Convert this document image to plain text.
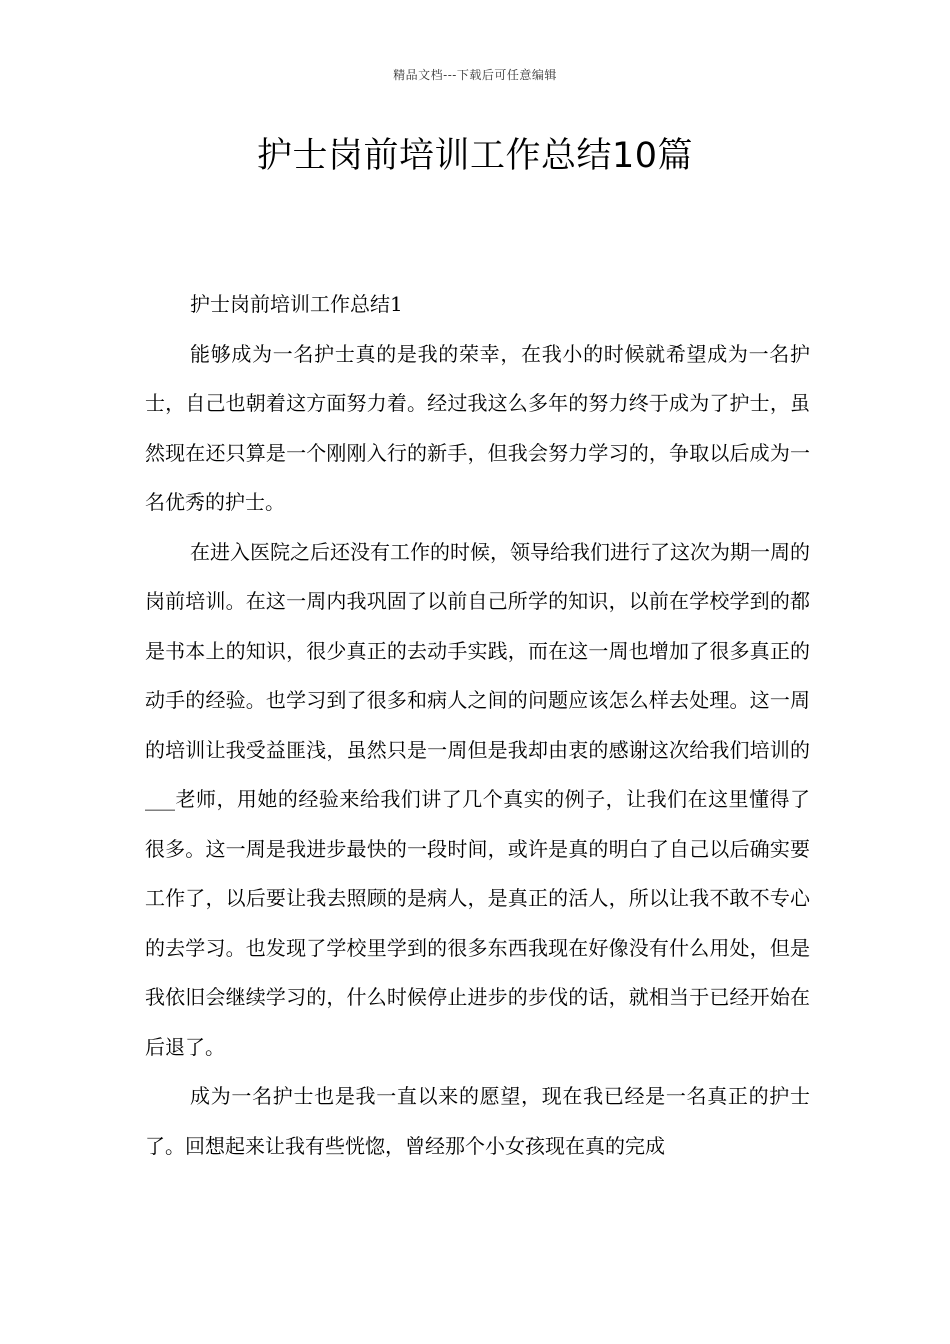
精品文档---下载后可任意编辑
护士岗前培训工作总结10篇

护士岗前培训工作总结1

能够成为一名护士真的是我的荣幸，在我小的时候就希望成为一名护士，自己也朝着这方面努力着。经过我这么多年的努力终于成为了护士，虽然现在还只算是一个刚刚入行的新手，但我会努力学习的，争取以后成为一名优秀的护士。

在进入医院之后还没有工作的时候，领导给我们进行了这次为期一周的岗前培训。在这一周内我巩固了以前自己所学的知识，以前在学校学到的都是书本上的知识，很少真正的去动手实践，而在这一周也增加了很多真正的动手的经验。也学习到了很多和病人之间的问题应该怎么样去处理。这一周的培训让我受益匪浅，虽然只是一周但是我却由衷的感谢这次给我们培训的___老师，用她的经验来给我们讲了几个真实的例子，让我们在这里懂得了很多。这一周是我进步最快的一段时间，或许是真的明白了自己以后确实要工作了，以后要让我去照顾的是病人，是真正的活人，所以让我不敢不专心的去学习。也发现了学校里学到的很多东西我现在好像没有什么用处，但是我依旧会继续学习的，什么时候停止进步的步伐的话，就相当于已经开始在后退了。

成为一名护士也是我一直以来的愿望，现在我已经是一名真正的护士了。回想起来让我有些恍惚，曾经那个小女孩现在真的完成
